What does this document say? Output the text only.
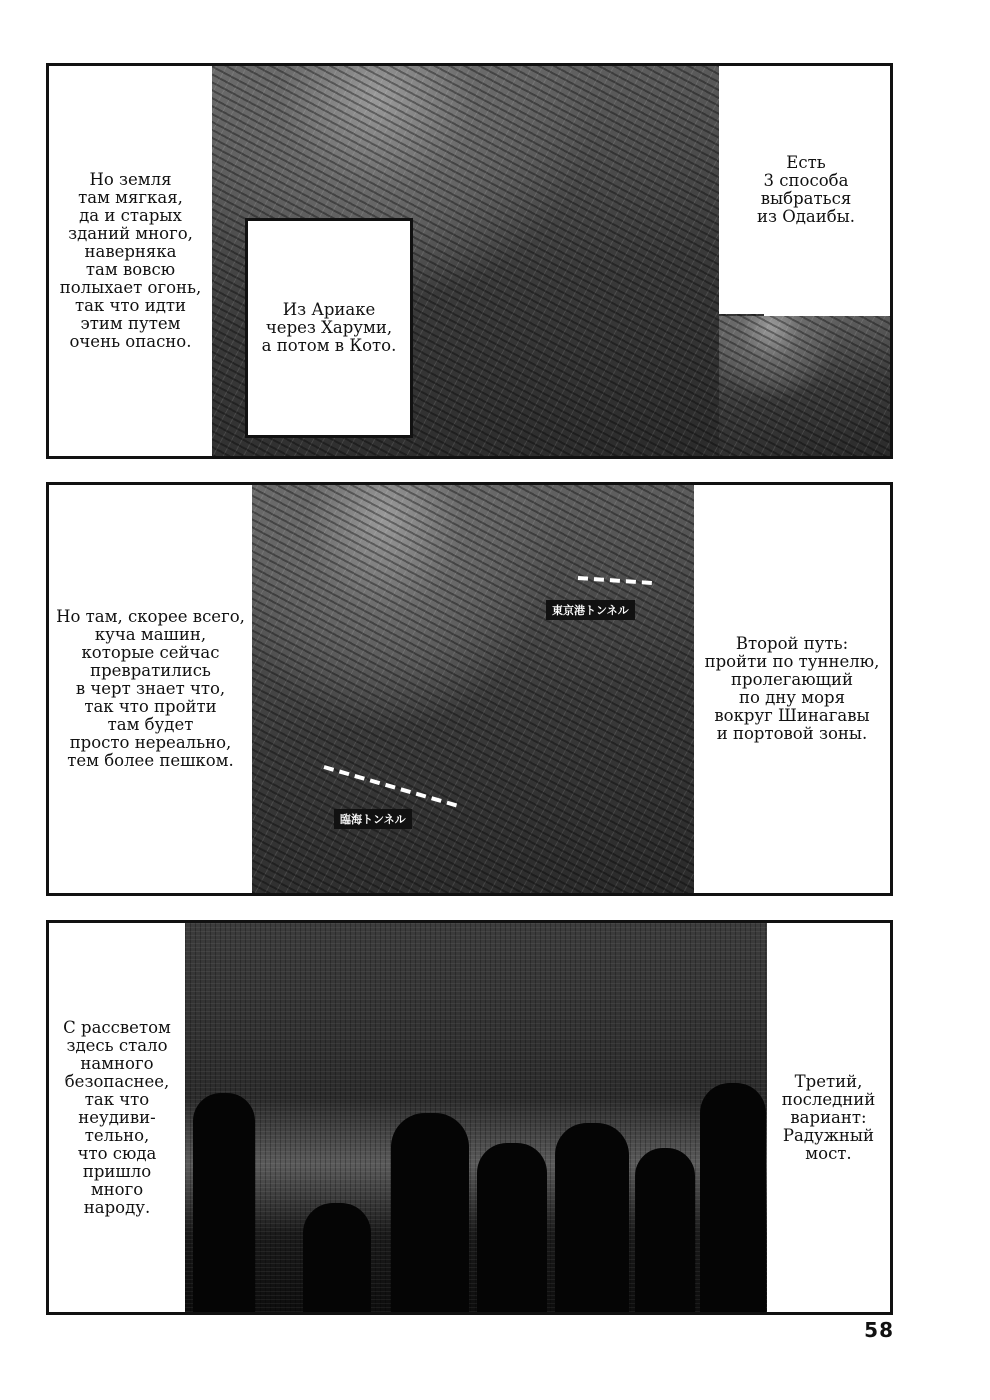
Но земля
там мягкая,
да и старых
зданий много,
наверняка
там вовсю
полыхает огонь,
так что идти
этим путем
очень опасно.
Есть
3 способа
выбраться
из Одаибы.
Из Ариаке
через Харуми,
а потом в Кото.
東京港トンネル
臨海トンネル
Но там, скорее всего,
куча машин,
которые сейчас
превратились
в черт знает что,
так что пройти
там будет
просто нереально,
тем более пешком.
Второй путь:
пройти по туннелю,
пролегающий
по дну моря
вокруг Шинагавы
и портовой зоны.
С рассветом
здесь стало
намного
безопаснее,
так что
неудиви-
тельно,
что сюда
пришло
много
народу.
Третий,
последний
вариант:
Радужный
мост.
58
